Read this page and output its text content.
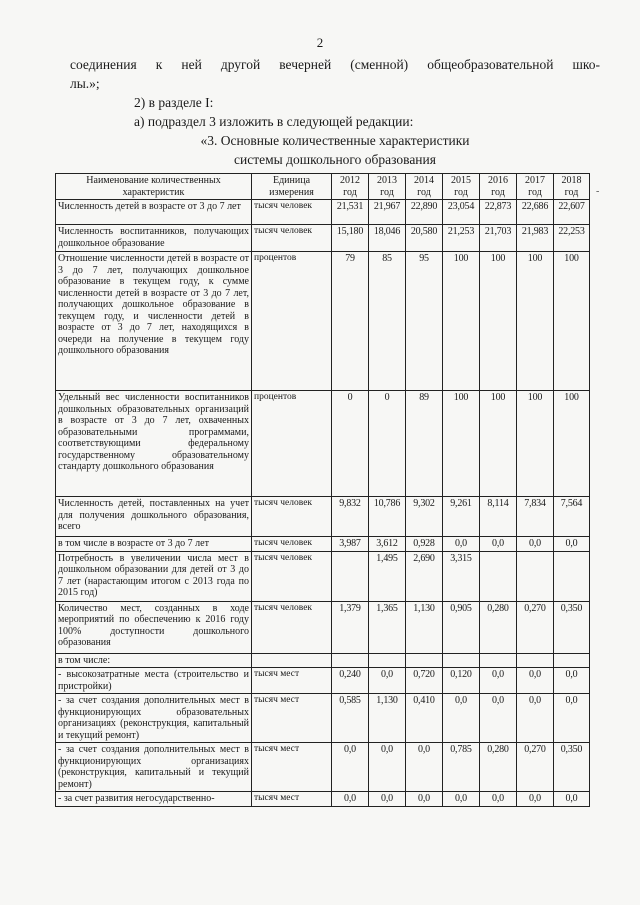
2

соединения к ней другой вечерней (сменной) общеобразовательной шко-

лы.»;

2) в разделе I:

а) подраздел 3 изложить в следующей редакции:

«3. Основные количественные характеристики

системы дошкольного образования

-
Наименование количественных характеристик	Единица измерения	2012 год	2013 год	2014 год	2015 год	2016 год	2017 год	2018 год
Численность детей в возрасте от 3 до 7 лет	тысяч человек	21,531	21,967	22,890	23,054	22,873	22,686	22,607
Численность воспитанников, получающих дошкольное образование	тысяч человек	15,180	18,046	20,580	21,253	21,703	21,983	22,253
Отношение численности детей в возрасте от 3 до 7 лет, получающих дошкольное образование в текущем году, к сумме численности детей в возрасте от 3 до 7 лет, получающих дошкольное образование в текущем году, и численности детей в возрасте от 3 до 7 лет, находящихся в очереди на получение в текущем году дошкольного образования	процентов	79	85	95	100	100	100	100
Удельный вес численности воспитанников дошкольных образовательных организаций в возрасте от 3 до 7 лет, охваченных образовательными программами, соответствующими федеральному государственному образовательному стандарту дошкольного образования	процентов	0	0	89	100	100	100	100
Численность детей, поставленных на учет для получения дошкольного образования, всего	тысяч человек	9,832	10,786	9,302	9,261	8,114	7,834	7,564
в том числе в возрасте от 3 до 7 лет	тысяч человек	3,987	3,612	0,928	0,0	0,0	0,0	0,0
Потребность в увеличении числа мест в дошкольном образовании для детей от 3 до 7 лет (нарастающим итогом с 2013 года по 2015 год)	тысяч человек		1,495	2,690	3,315			
Количество мест, созданных в ходе мероприятий по обеспечению к 2016 году 100% доступности дошкольного образования	тысяч человек	1,379	1,365	1,130	0,905	0,280	0,270	0,350
в том числе:								
- высокозатратные места (строительство и пристройки)	тысяч мест	0,240	0,0	0,720	0,120	0,0	0,0	0,0
- за счет создания дополнительных мест в функционирующих образовательных организациях (реконструкция, капитальный и текущий ремонт)	тысяч мест	0,585	1,130	0,410	0,0	0,0	0,0	0,0
- за счет создания дополнительных мест в функционирующих организациях (реконструкция, капитальный и текущий ремонт)	тысяч мест	0,0	0,0	0,0	0,785	0,280	0,270	0,350
- за счет развития негосударственно-	тысяч мест	0,0	0,0	0,0	0,0	0,0	0,0	0,0
